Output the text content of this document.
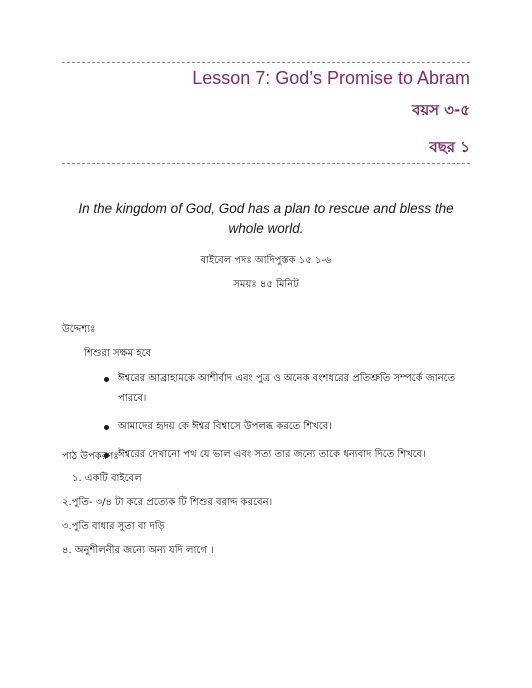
Lesson 7: God’s Promise to Abram
বয়স ৩-৫
বছর ১
In the kingdom of God, God has a plan to rescue and bless the whole world.
বাইবেল পদঃ আদিপুস্তক ১৫ ১-৬
সময়ঃ ৪৫ মিনিট
উদ্দেশ্যঃ
শিশুরা সক্ষম হবে
ঈশ্বরের আব্রাহামকে আশীর্বাদ এবং পুত্র ও অনেক বংশধরের প্রতিশ্রুতি সম্পর্কে জানতে পারবে।
আমাদের হৃদয় কে ঈশ্বর বিশ্বাসে উপলব্ধ করতে শিখবে।
ঈশ্বরের দেখানো পথ যে ভাল এবং সত্য তার জন্যে তাকে ধন্যবাদ দিতে শিখবে।
পাঠ উপকরণঃ
১. একটি বাইবেল
২.পুতি- ৩/৪ টা করে প্রত্যেক টি শিশুর বরাদ্দ করবেন।
৩.পুতি বাধার সুতা বা দড়ি
৪. অনুশীলনীর জন্যে অন্য যদি লাগে ।
